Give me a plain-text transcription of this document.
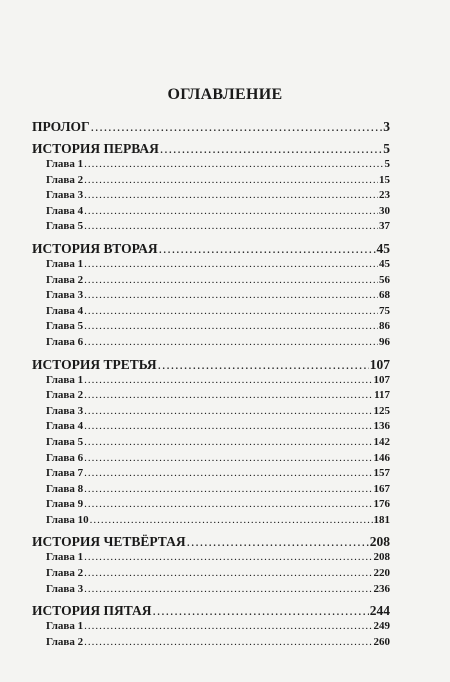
ОГЛАВЛЕНИЕ
ПРОЛОГ .....	3
ИСТОРИЯ ПЕРВАЯ .....	5
Глава 1 .....	5
Глава 2 .....	15
Глава 3 .....	23
Глава 4 .....	30
Глава 5 .....	37
ИСТОРИЯ ВТОРАЯ .....	45
Глава 1 .....	45
Глава 2 .....	56
Глава 3 .....	68
Глава 4 .....	75
Глава 5 .....	86
Глава 6 .....	96
ИСТОРИЯ ТРЕТЬЯ .....	107
Глава 1 .....	107
Глава 2 .....	117
Глава 3 .....	125
Глава 4 .....	136
Глава 5 .....	142
Глава 6 .....	146
Глава 7 .....	157
Глава 8 .....	167
Глава 9 .....	176
Глава 10 .....	181
ИСТОРИЯ ЧЕТВЁРТАЯ .....	208
Глава 1 .....	208
Глава 2 .....	220
Глава 3 .....	236
ИСТОРИЯ ПЯТАЯ .....	244
Глава 1 .....	249
Глава 2 .....	260
